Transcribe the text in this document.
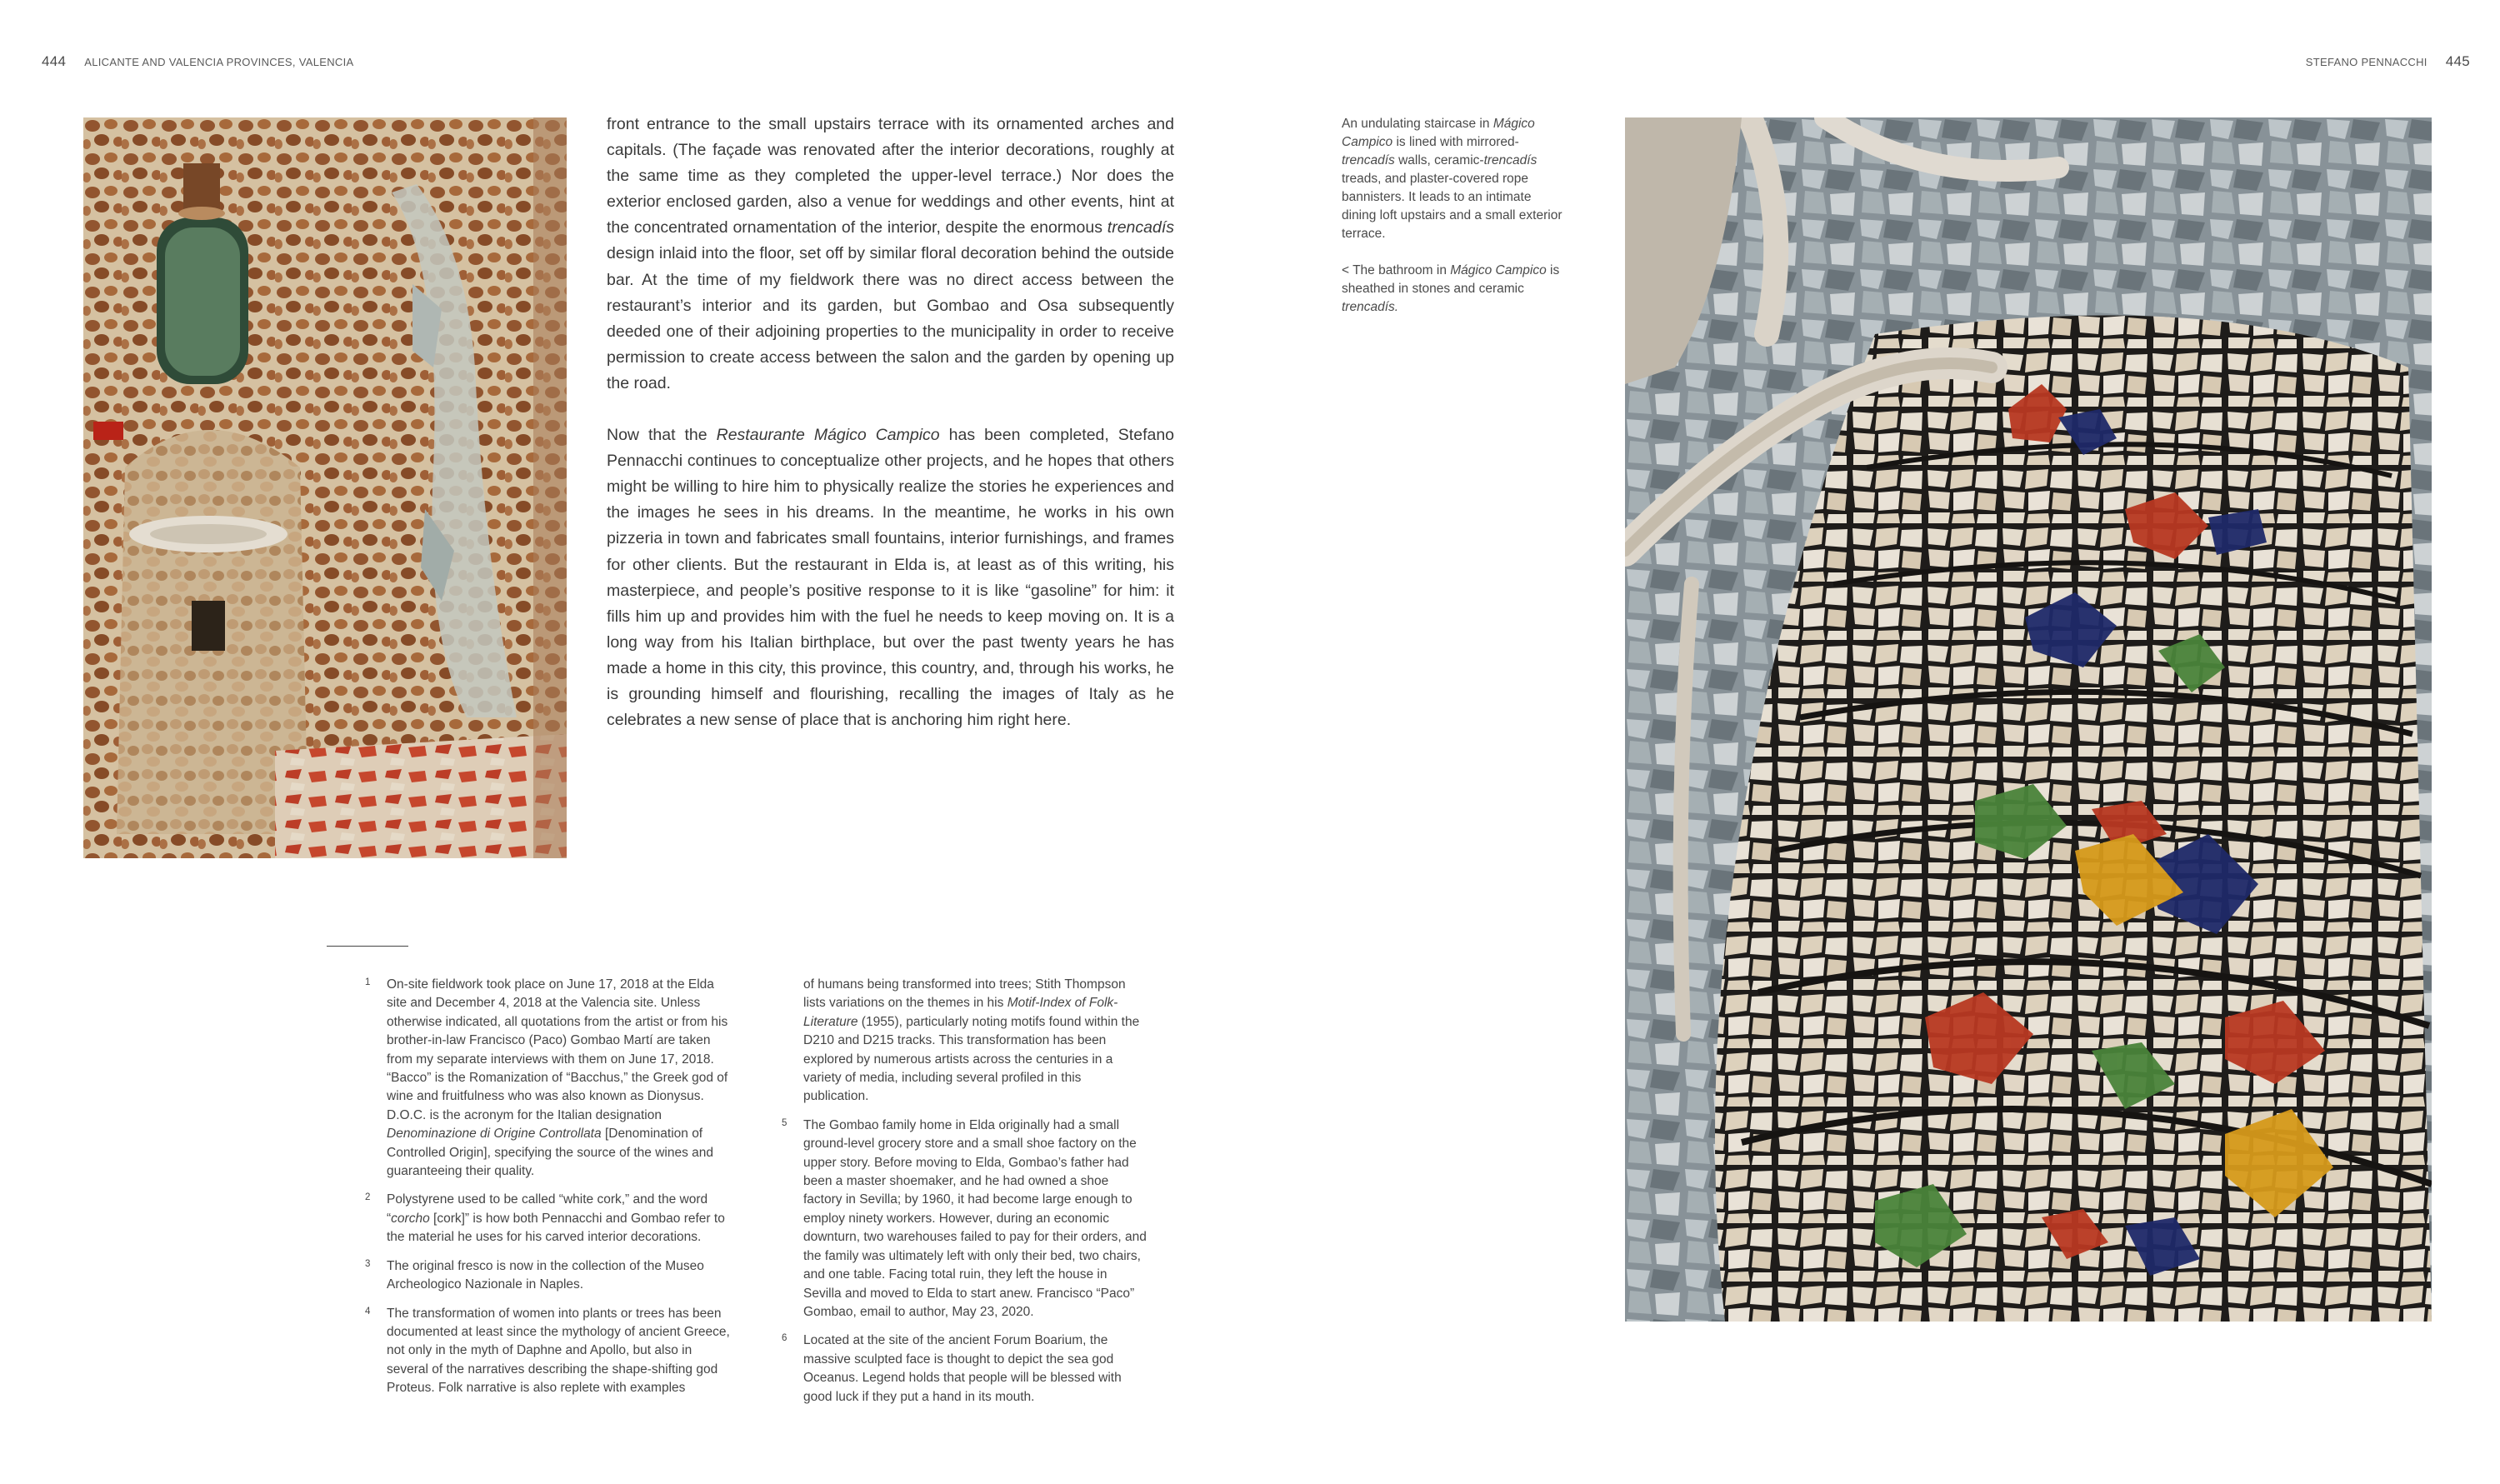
444 ALICANTE AND VALENCIA PROVINCES, VALENCIA	STEFANO PENNACCHI 445

front entrance to the small upstairs terrace with its ornamented arches and capitals. (The façade was renovated after the interior decorations, roughly at the same time as they completed the upper-level terrace.) Nor does the exterior enclosed garden, also a venue for weddings and other events, hint at the concentrated ornamentation of the interior, despite the enormous trencadís design inlaid into the floor, set off by similar floral decoration behind the outside bar. At the time of my fieldwork there was no direct access between the restaurant’s interior and its garden, but Gombao and Osa subsequently deeded one of their adjoining properties to the municipality in order to receive permission to create access between the salon and the garden by opening up the road.

Now that the Restaurante Mágico Campico has been completed, Stefano Pennacchi continues to conceptualize other projects, and he hopes that others might be willing to hire him to physically realize the stories he experiences and the images he sees in his dreams. In the meantime, he works in his own pizzeria in town and fabricates small fountains, interior furnishings, and frames for other clients. But the restaurant in Elda is, at least as of this writing, his masterpiece, and people’s positive response to it is like “gasoline” for him: it fills him up and provides him with the fuel he needs to keep moving on. It is a long way from his Italian birthplace, but over the past twenty years he has made a home in this city, this province, this country, and, through his works, he is grounding himself and flourishing, recalling the images of Italy as he celebrates a new sense of place that is anchoring him right here.

An undulating staircase in Mágico Campico is lined with mirrored-trencadís walls, ceramic-trencadís treads, and plaster-covered rope bannisters. It leads to an intimate dining loft upstairs and a small exterior terrace.

< The bathroom in Mágico Campico is sheathed in stones and ceramic trencadís.

1 On-site fieldwork took place on June 17, 2018 at the Elda site and December 4, 2018 at the Valencia site. Unless otherwise indicated, all quotations from the artist or from his brother-in-law Francisco (Paco) Gombao Martí are taken from my separate interviews with them on June 17, 2018. “Bacco” is the Romanization of “Bacchus,” the Greek god of wine and fruitfulness who was also known as Dionysus. D.O.C. is the acronym for the Italian designation Denominazione di Origine Controllata [Denomination of Controlled Origin], specifying the source of the wines and guaranteeing their quality.
2 Polystyrene used to be called “white cork,” and the word “corcho [cork]” is how both Pennacchi and Gombao refer to the material he uses for his carved interior decorations.
3 The original fresco is now in the collection of the Museo Archeologico Nazionale in Naples.
4 The transformation of women into plants or trees has been documented at least since the mythology of ancient Greece, not only in the myth of Daphne and Apollo, but also in several of the narratives describing the shape-shifting god Proteus. Folk narrative is also replete with examples
of humans being transformed into trees; Stith Thompson lists variations on the themes in his Motif-Index of Folk-Literature (1955), particularly noting motifs found within the D210 and D215 tracks. This transformation has been explored by numerous artists across the centuries in a variety of media, including several profiled in this publication.
5 The Gombao family home in Elda originally had a small ground-level grocery store and a small shoe factory on the upper story. Before moving to Elda, Gombao’s father had been a master shoemaker, and he had owned a shoe factory in Sevilla; by 1960, it had become large enough to employ ninety workers. However, during an economic downturn, two warehouses failed to pay for their orders, and the family was ultimately left with only their bed, two chairs, and one table. Facing total ruin, they left the house in Sevilla and moved to Elda to start anew. Francisco “Paco” Gombao, email to author, May 23, 2020.
6 Located at the site of the ancient Forum Boarium, the massive sculpted face is thought to depict the sea god Oceanus. Legend holds that people will be blessed with good luck if they put a hand in its mouth.
